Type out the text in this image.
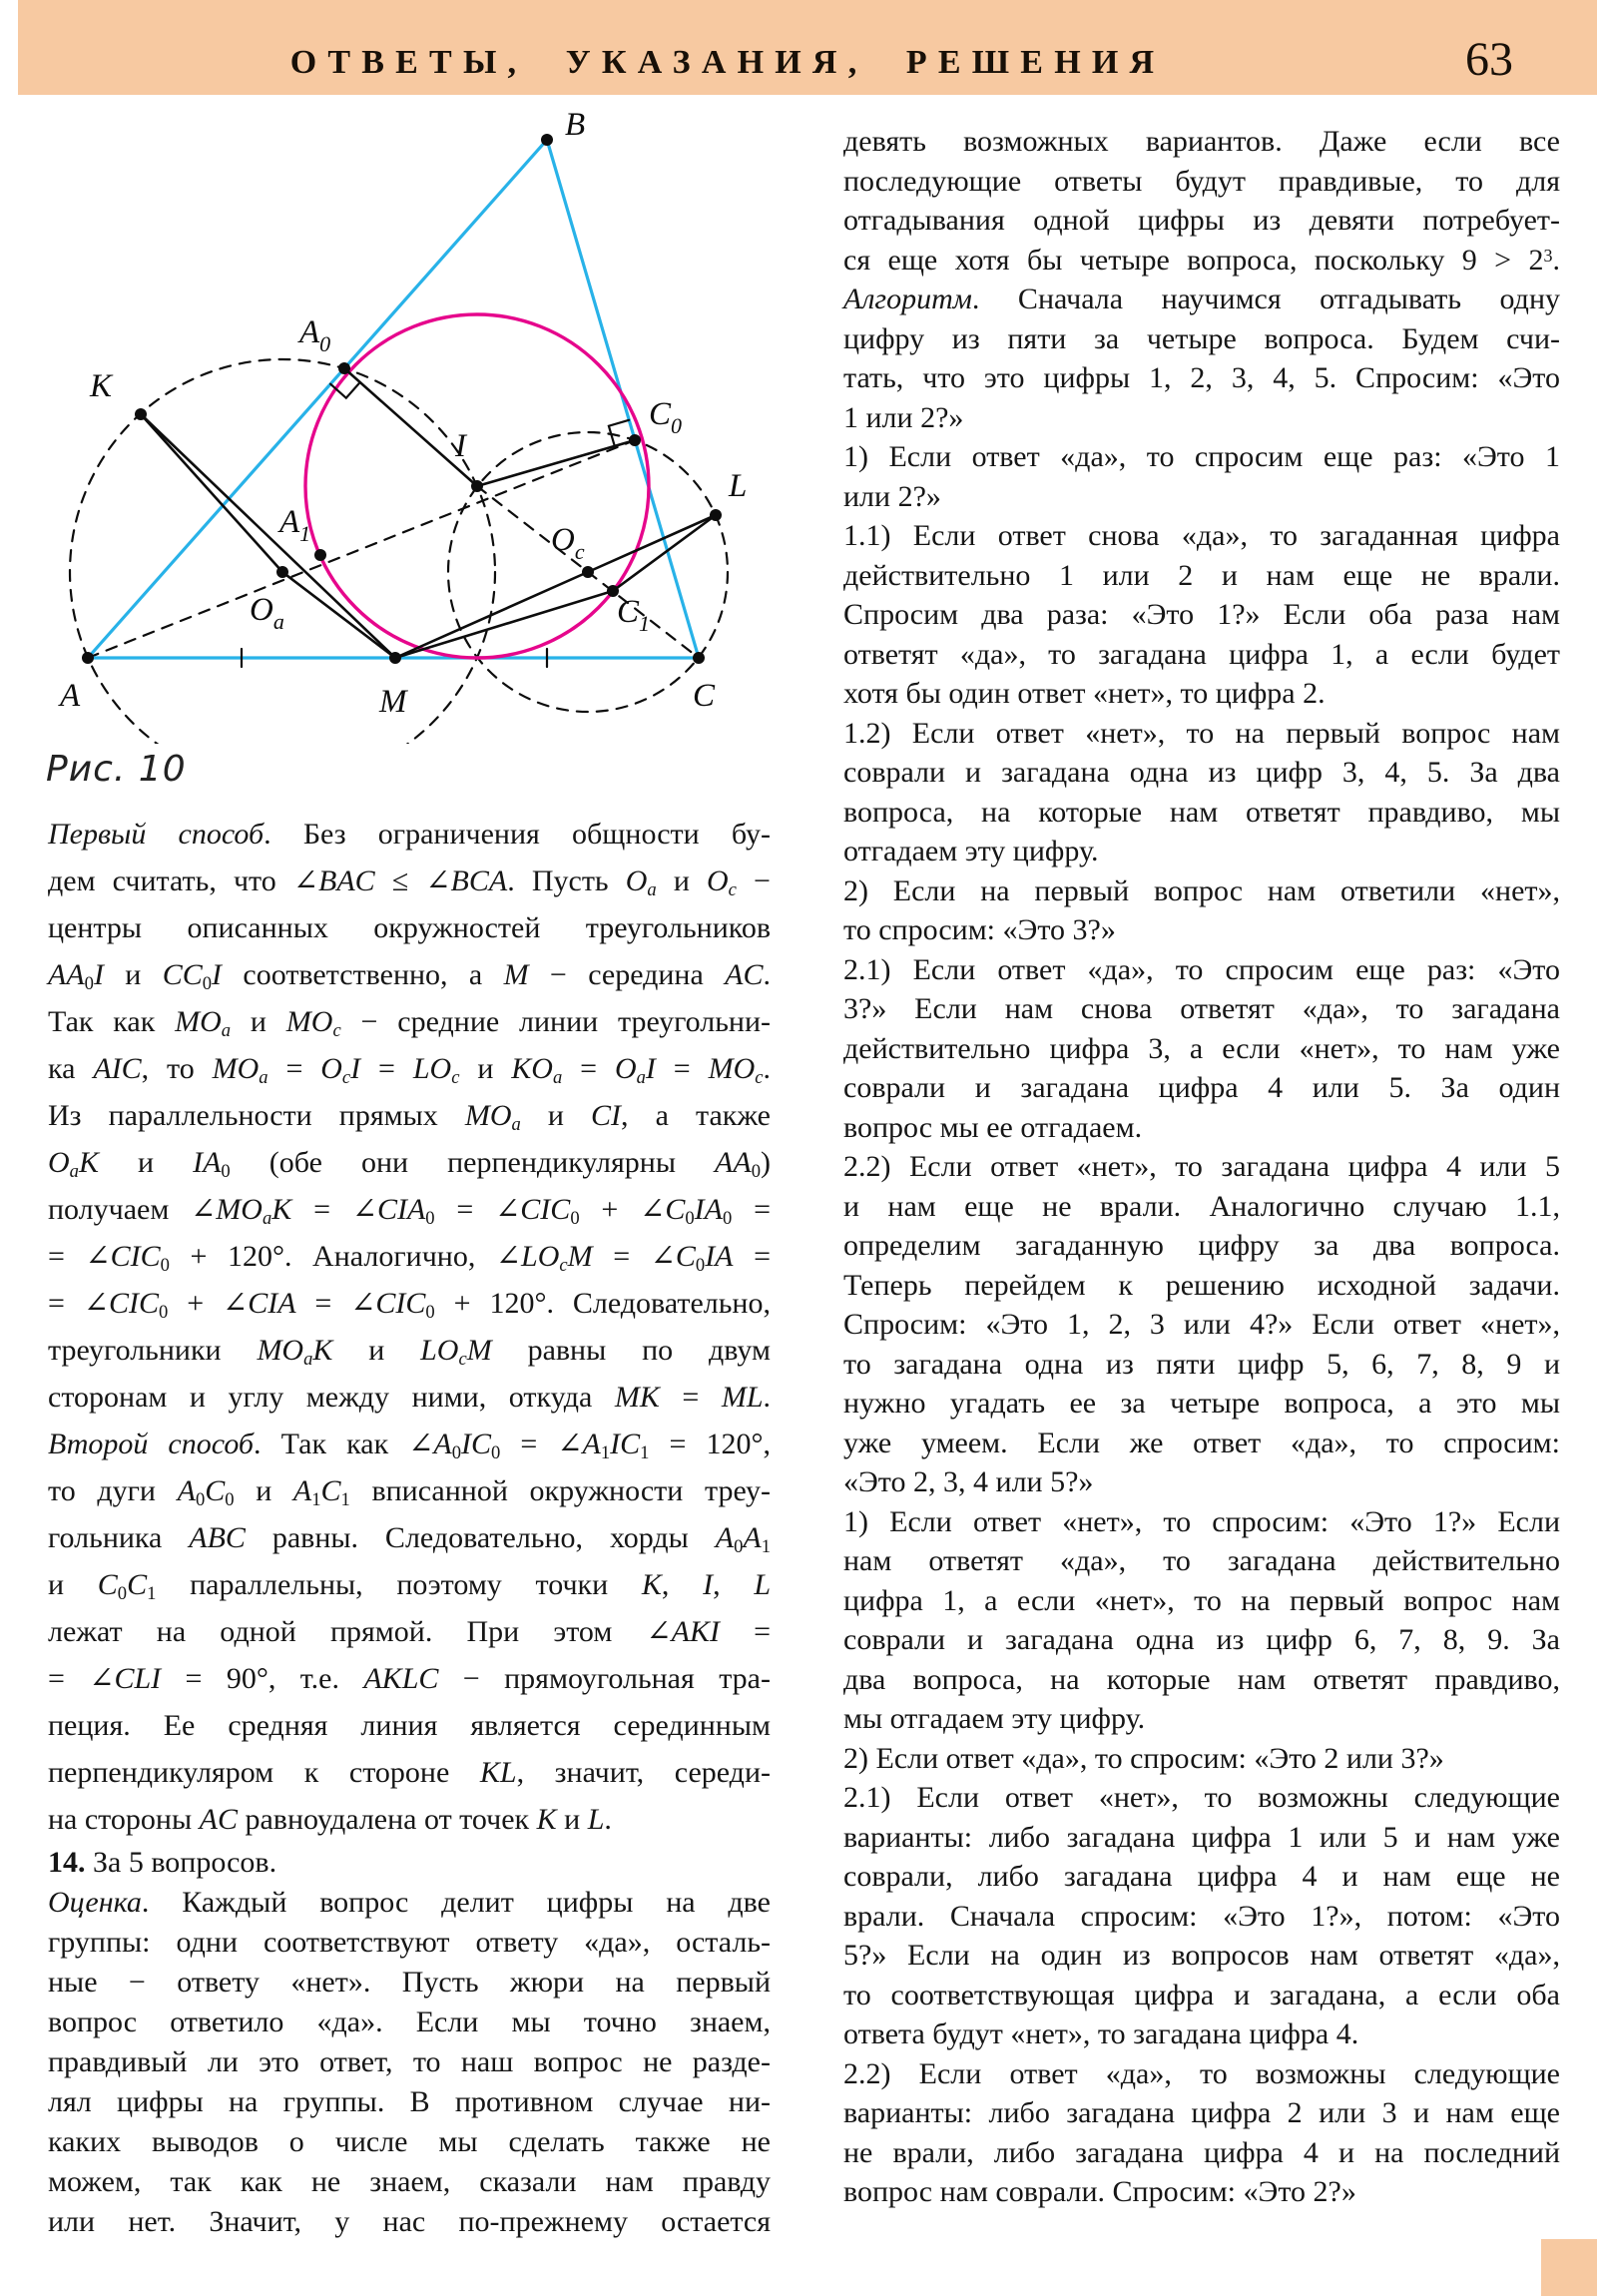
ОТВЕТЫ, УКАЗАНИЯ, РЕШЕНИЯ	63
B
A	C
M
K
L
I
$A_0$
$C_0$
$A_1$
$C_1$
$O_a$
$O_c$
Рис. 10
Первый способ. Без ограничения общности бу-
дем считать, что ∠BAC ≤ ∠BCA. Пусть $O_a$ и $O_c$ −
центры описанных окружностей треугольников
$AA_0I$ и $CC_0I$ соответственно, а M − середина AC.
Так как $MO_a$ и $MO_c$ − средние линии треугольни-
ка AIC, то $MO_a = O_cI = LO_c$ и $KO_a = O_aI = MO_c$.
Из параллельности прямых $MO_a$ и CI, а также
$O_aK$ и $IA_0$ (обе они перпендикулярны $AA_0$)
получаем $\angle MO_aK$ = $\angle CIA_0$ = $\angle CIC_0$ + $\angle C_0IA_0$ =
= $\angle CIC_0 + 120^\circ$. Аналогично, $\angle LO_cM$ = $\angle C_0IA$ =
= $\angle CIC_0$ + ∠CIA = $\angle CIC_0 + 120^\circ$. Следовательно,
треугольники $MO_aK$ и $LO_cM$ равны по двум
сторонам и углу между ними, откуда MK = ML.
Второй способ. Так как $\angle A_0IC_0$ = $\angle A_1IC_1 = 120^\circ$,
то дуги $A_0C_0$ и $A_1C_1$ вписанной окружности треу-
гольника ABC равны. Следовательно, хорды $A_0A_1$
и $C_0C_1$ параллельны, поэтому точки K, I, L
лежат на одной прямой. При этом ∠AKI =
= ∠CLI = 90°, т.е. AKLC − прямоугольная тра-
пеция. Ее средняя линия является серединным
перпендикуляром к стороне KL, значит, середи-
на стороны AC равноудалена от точек K и L.
14. За 5 вопросов.
Оценка. Каждый вопрос делит цифры на две
группы: одни соответствуют ответу «да», осталь-
ные − ответу «нет». Пусть жюри на первый
вопрос ответило «да». Если мы точно знаем,
правдивый ли это ответ, то наш вопрос не разде-
лял цифры на группы. В противном случае ни-
каких выводов о числе мы сделать также не
можем, так как не знаем, сказали нам правду
или нет. Значит, у нас по-прежнему остается
девять возможных вариантов. Даже если все
последующие ответы будут правдивые, то для
отгадывания одной цифры из девяти потребует-
ся еще хотя бы четыре вопроса, поскольку $9 > 2^3$.
Алгоритм. Сначала научимся отгадывать одну
цифру из пяти за четыре вопроса. Будем счи-
тать, что это цифры 1, 2, 3, 4, 5. Спросим: «Это
1 или 2?»
1) Если ответ «да», то спросим еще раз: «Это 1
или 2?»
1.1) Если ответ снова «да», то загаданная цифра
действительно 1 или 2 и нам еще не врали.
Спросим два раза: «Это 1?» Если оба раза нам
ответят «да», то загадана цифра 1, а если будет
хотя бы один ответ «нет», то цифра 2.
1.2) Если ответ «нет», то на первый вопрос нам
соврали и загадана одна из цифр 3, 4, 5. За два
вопроса, на которые нам ответят правдиво, мы
отгадаем эту цифру.
2) Если на первый вопрос нам ответили «нет»,
то спросим: «Это 3?»
2.1) Если ответ «да», то спросим еще раз: «Это
3?» Если нам снова ответят «да», то загадана
действительно цифра 3, а если «нет», то нам уже
соврали и загадана цифра 4 или 5. За один
вопрос мы ее отгадаем.
2.2) Если ответ «нет», то загадана цифра 4 или 5
и нам еще не врали. Аналогично случаю 1.1,
определим загаданную цифру за два вопроса.
Теперь перейдем к решению исходной задачи.
Спросим: «Это 1, 2, 3 или 4?» Если ответ «нет»,
то загадана одна из пяти цифр 5, 6, 7, 8, 9 и
нужно угадать ее за четыре вопроса, а это мы
уже умеем. Если же ответ «да», то спросим:
«Это 2, 3, 4 или 5?»
1) Если ответ «нет», то спросим: «Это 1?» Если
нам ответят «да», то загадана действительно
цифра 1, а если «нет», то на первый вопрос нам
соврали и загадана одна из цифр 6, 7, 8, 9. За
два вопроса, на которые нам ответят правдиво,
мы отгадаем эту цифру.
2) Если ответ «да», то спросим: «Это 2 или 3?»
2.1) Если ответ «нет», то возможны следующие
варианты: либо загадана цифра 1 или 5 и нам уже
соврали, либо загадана цифра 4 и нам еще не
врали. Сначала спросим: «Это 1?», потом: «Это
5?» Если на один из вопросов нам ответят «да»,
то соответствующая цифра и загадана, а если оба
ответа будут «нет», то загадана цифра 4.
2.2) Если ответ «да», то возможны следующие
варианты: либо загадана цифра 2 или 3 и нам еще
не врали, либо загадана цифра 4 и на последний
вопрос нам соврали. Спросим: «Это 2?»
